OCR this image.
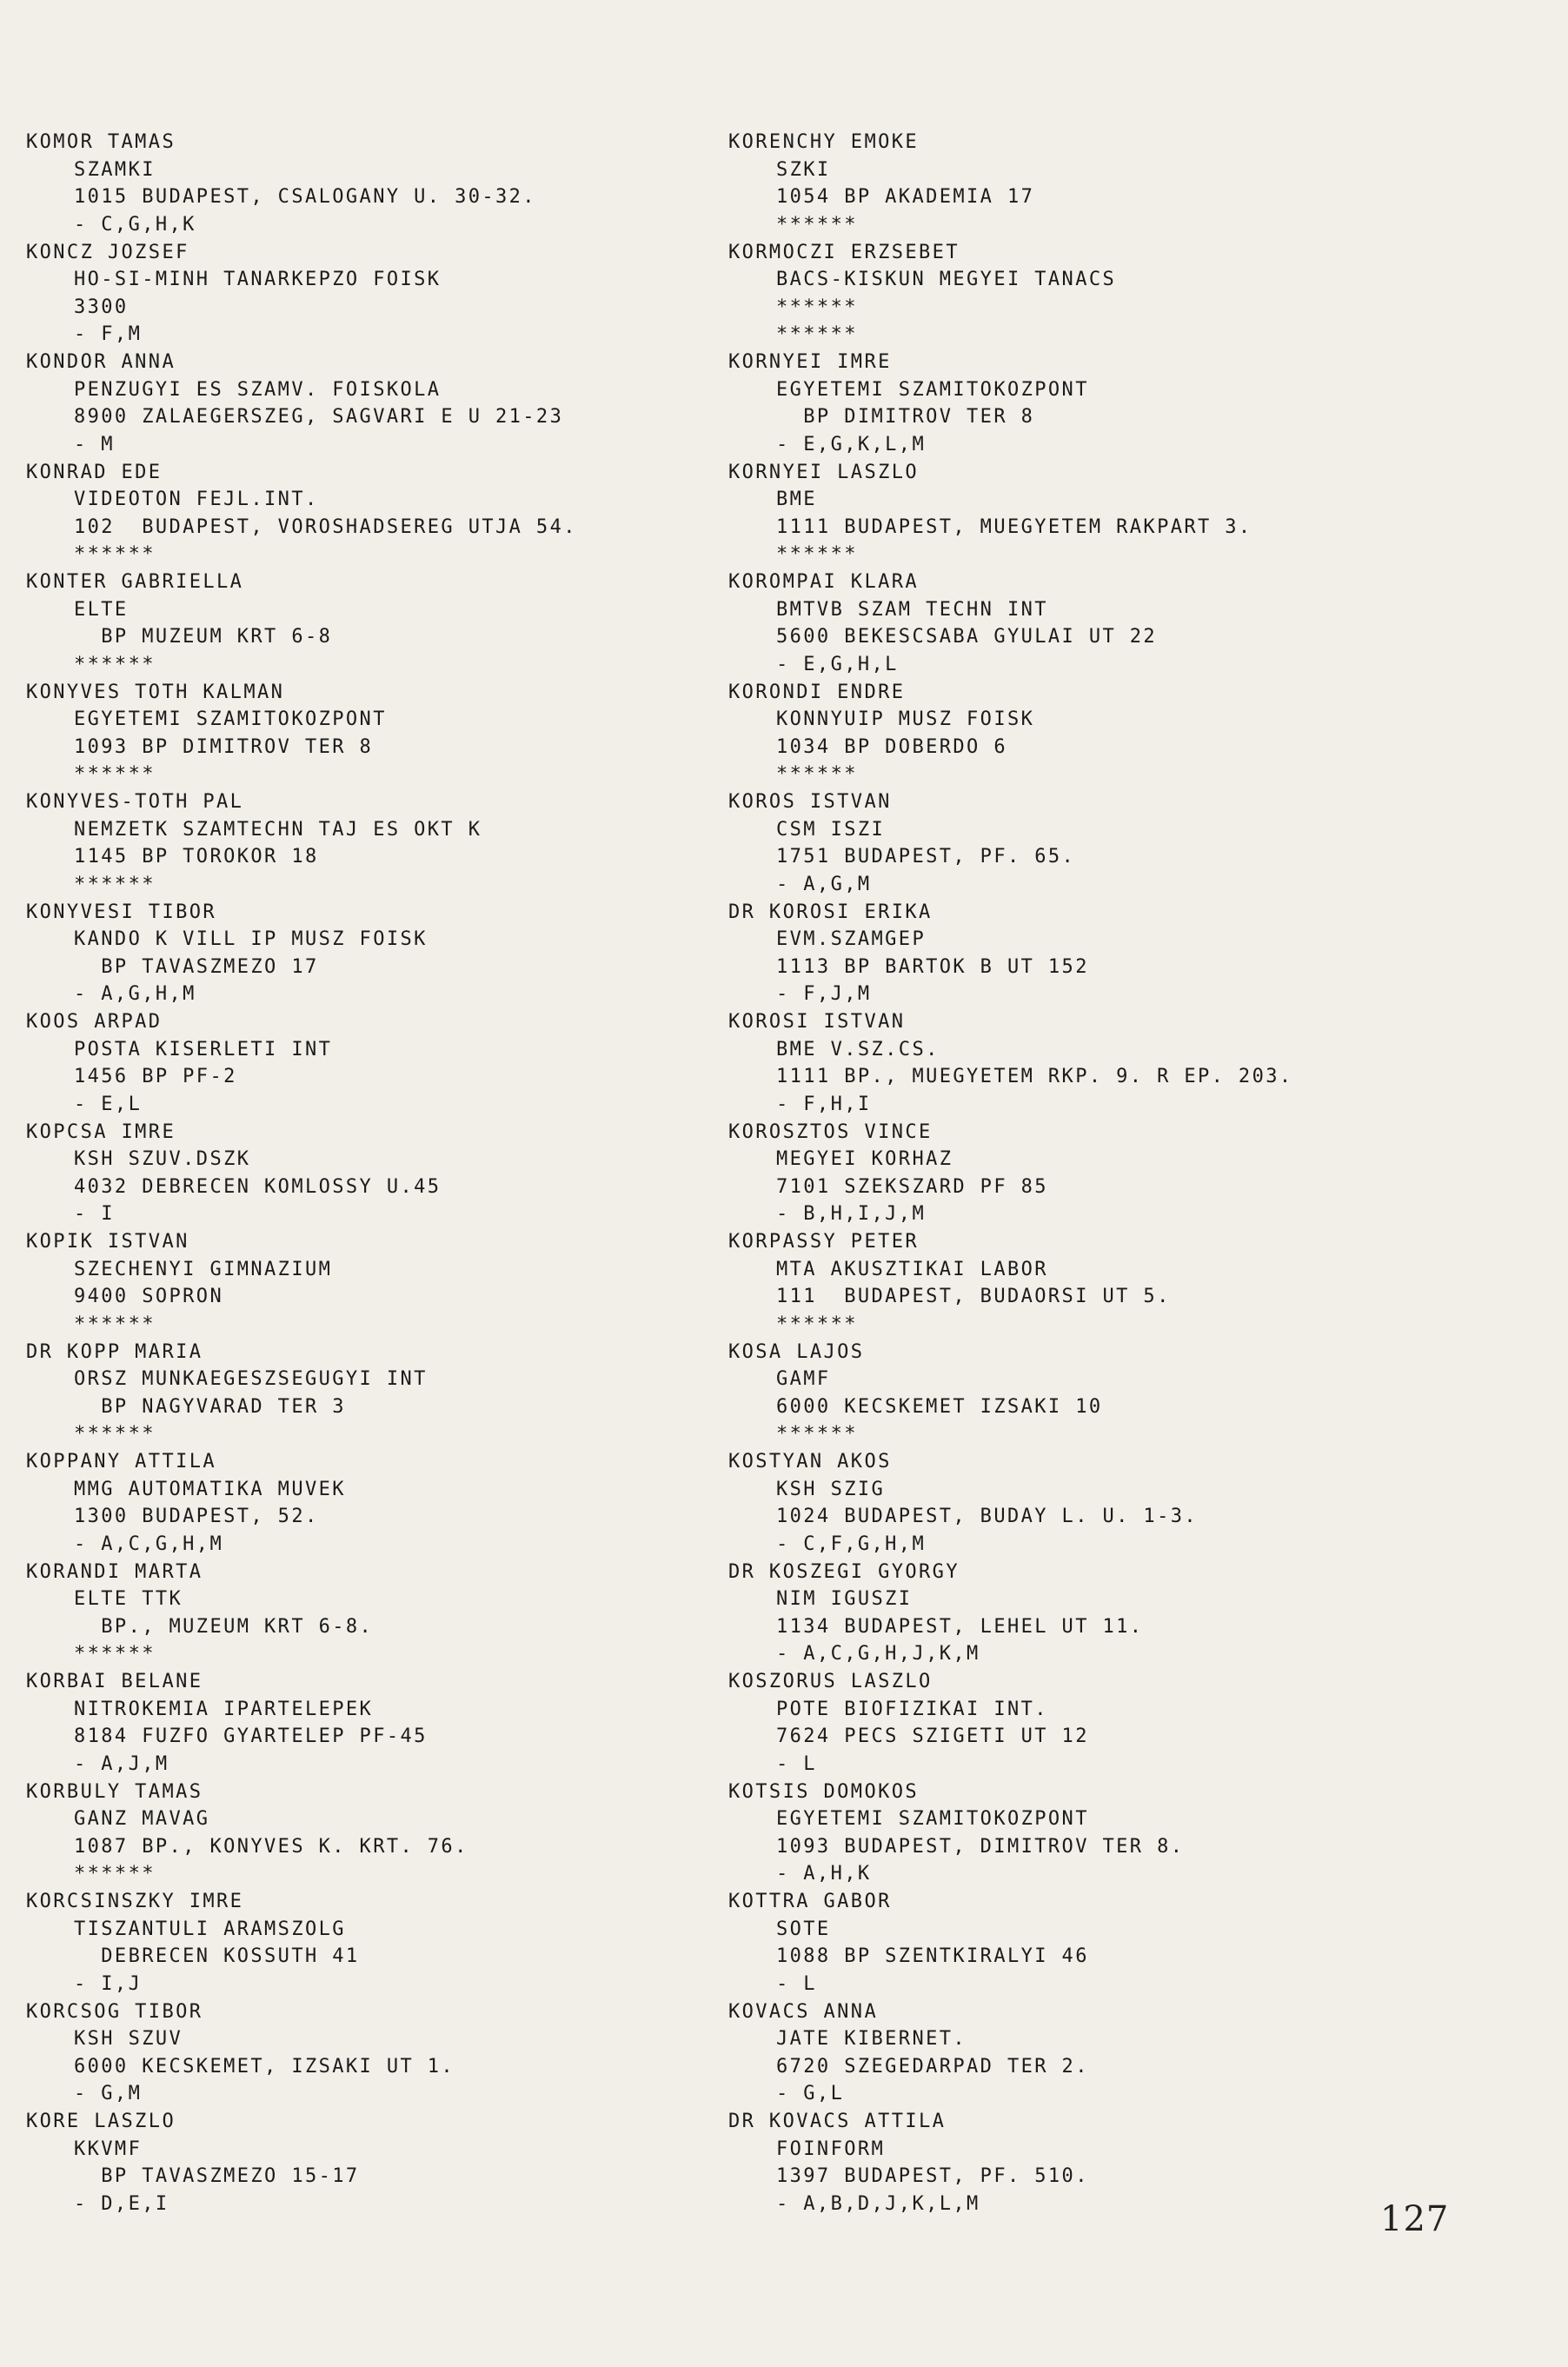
KOMOR TAMAS
SZAMKI
1015 BUDAPEST, CSALOGANY U. 30-32.
- C,G,H,K
KONCZ JOZSEF
HO-SI-MINH TANARKEPZO FOISK
3300
- F,M
KONDOR ANNA
PENZUGYI ES SZAMV. FOISKOLA
8900 ZALAEGERSZEG, SAGVARI E U 21-23
- M
KONRAD EDE
VIDEOTON FEJL.INT.
102  BUDAPEST, VOROSHADSEREG UTJA 54.
******
KONTER GABRIELLA
ELTE
BP MUZEUM KRT 6-8
******
KONYVES TOTH KALMAN
EGYETEMI SZAMITOKOZPONT
1093 BP DIMITROV TER 8
******
KONYVES-TOTH PAL
NEMZETK SZAMTECHN TAJ ES OKT K
1145 BP TOROKOR 18
******
KONYVESI TIBOR
KANDO K VILL IP MUSZ FOISK
BP TAVASZMEZO 17
- A,G,H,M
KOOS ARPAD
POSTA KISERLETI INT
1456 BP PF-2
- E,L
KOPCSA IMRE
KSH SZUV.DSZK
4032 DEBRECEN KOMLOSSY U.45
- I
KOPIK ISTVAN
SZECHENYI GIMNAZIUM
9400 SOPRON
******
DR KOPP MARIA
ORSZ MUNKAEGESZSEGUGYI INT
BP NAGYVARAD TER 3
******
KOPPANY ATTILA
MMG AUTOMATIKA MUVEK
1300 BUDAPEST, 52.
- A,C,G,H,M
KORANDI MARTA
ELTE TTK
BP., MUZEUM KRT 6-8.
******
KORBAI BELANE
NITROKEMIA IPARTELEPEK
8184 FUZFO GYARTELEP PF-45
- A,J,M
KORBULY TAMAS
GANZ MAVAG
1087 BP., KONYVES K. KRT. 76.
******
KORCSINSZKY IMRE
TISZANTULI ARAMSZOLG
DEBRECEN KOSSUTH 41
- I,J
KORCSOG TIBOR
KSH SZUV
6000 KECSKEMET, IZSAKI UT 1.
- G,M
KORE LASZLO
KKVMF
BP TAVASZMEZO 15-17
- D,E,I
KORENCHY EMOKE
SZKI
1054 BP AKADEMIA 17
******
KORMOCZI ERZSEBET
BACS-KISKUN MEGYEI TANACS
******
******
KORNYEI IMRE
EGYETEMI SZAMITOKOZPONT
BP DIMITROV TER 8
- E,G,K,L,M
KORNYEI LASZLO
BME
1111 BUDAPEST, MUEGYETEM RAKPART 3.
******
KOROMPAI KLARA
BMTVB SZAM TECHN INT
5600 BEKESCSABA GYULAI UT 22
- E,G,H,L
KORONDI ENDRE
KONNYUIP MUSZ FOISK
1034 BP DOBERDO 6
******
KOROS ISTVAN
CSM ISZI
1751 BUDAPEST, PF. 65.
- A,G,M
DR KOROSI ERIKA
EVM.SZAMGEP
1113 BP BARTOK B UT 152
- F,J,M
KOROSI ISTVAN
BME V.SZ.CS.
1111 BP., MUEGYETEM RKP. 9. R EP. 203.
- F,H,I
KOROSZTOS VINCE
MEGYEI KORHAZ
7101 SZEKSZARD PF 85
- B,H,I,J,M
KORPASSY PETER
MTA AKUSZTIKAI LABOR
111  BUDAPEST, BUDAORSI UT 5.
******
KOSA LAJOS
GAMF
6000 KECSKEMET IZSAKI 10
******
KOSTYAN AKOS
KSH SZIG
1024 BUDAPEST, BUDAY L. U. 1-3.
- C,F,G,H,M
DR KOSZEGI GYORGY
NIM IGUSZI
1134 BUDAPEST, LEHEL UT 11.
- A,C,G,H,J,K,M
KOSZORUS LASZLO
POTE BIOFIZIKAI INT.
7624 PECS SZIGETI UT 12
- L
KOTSIS DOMOKOS
EGYETEMI SZAMITOKOZPONT
1093 BUDAPEST, DIMITROV TER 8.
- A,H,K
KOTTRA GABOR
SOTE
1088 BP SZENTKIRALYI 46
- L
KOVACS ANNA
JATE KIBERNET.
6720 SZEGEDARPAD TER 2.
- G,L
DR KOVACS ATTILA
FOINFORM
1397 BUDAPEST, PF. 510.
- A,B,D,J,K,L,M	127
